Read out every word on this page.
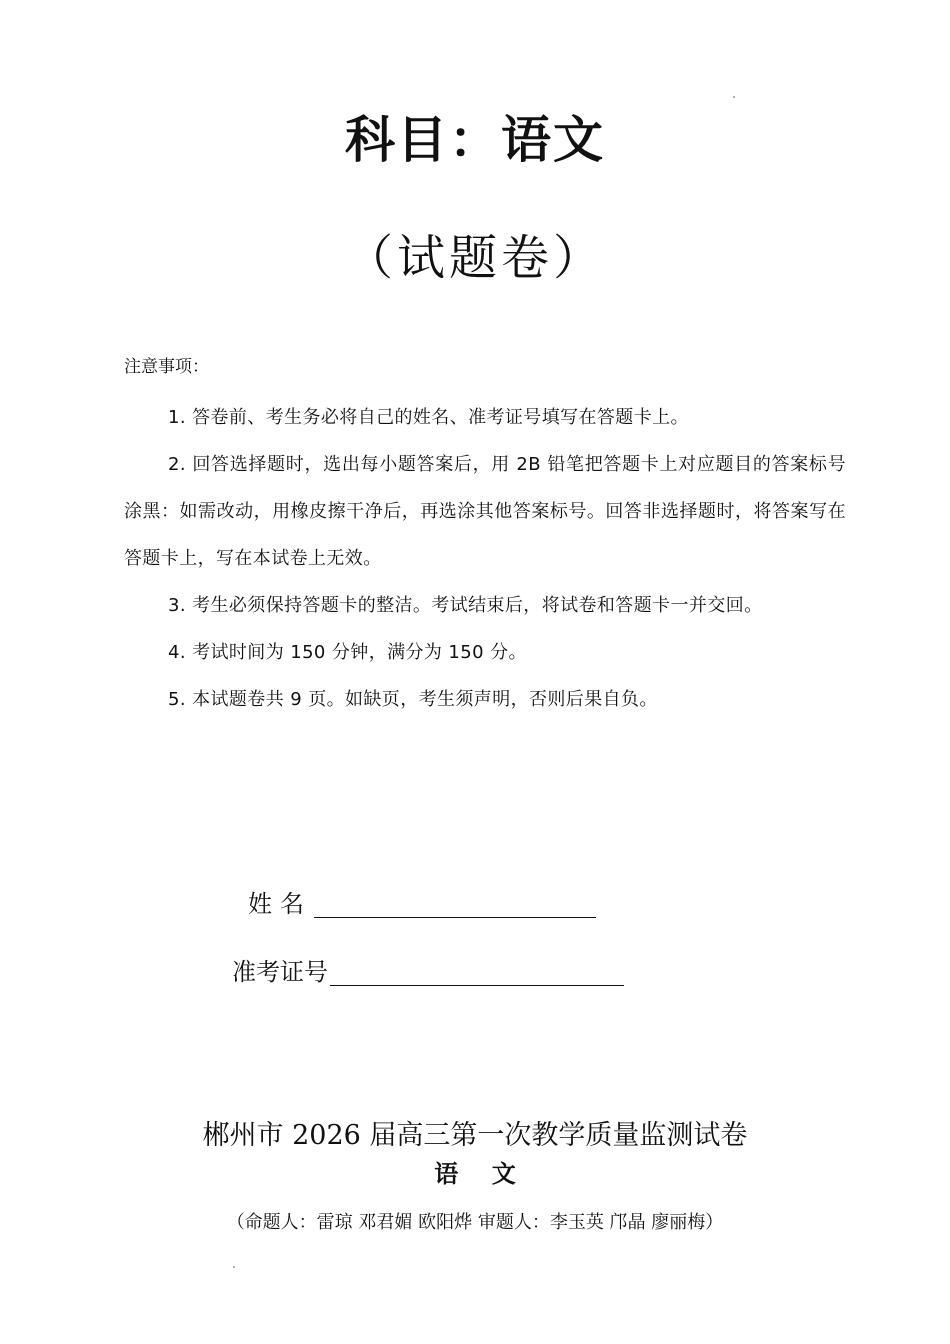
科目：语文
（试题卷）
注意事项：
1. 答卷前、考生务必将自己的姓名、准考证号填写在答题卡上。
2. 回答选择题时，选出每小题答案后，用 2B 铅笔把答题卡上对应题目的答案标号涂黑：如需改动，用橡皮擦干净后，再选涂其他答案标号。回答非选择题时，将答案写在答题卡上，写在本试卷上无效。
3. 考生必须保持答题卡的整洁。考试结束后，将试卷和答题卡一并交回。
4. 考试时间为 150 分钟，满分为 150 分。
5. 本试题卷共 9 页。如缺页，考生须声明，否则后果自负。
姓名
准考证号
郴州市 2026 届高三第一次教学质量监测试卷
语    文
（命题人：雷琼 邓君媚 欧阳烨 审题人：李玉英 邝晶 廖丽梅）
